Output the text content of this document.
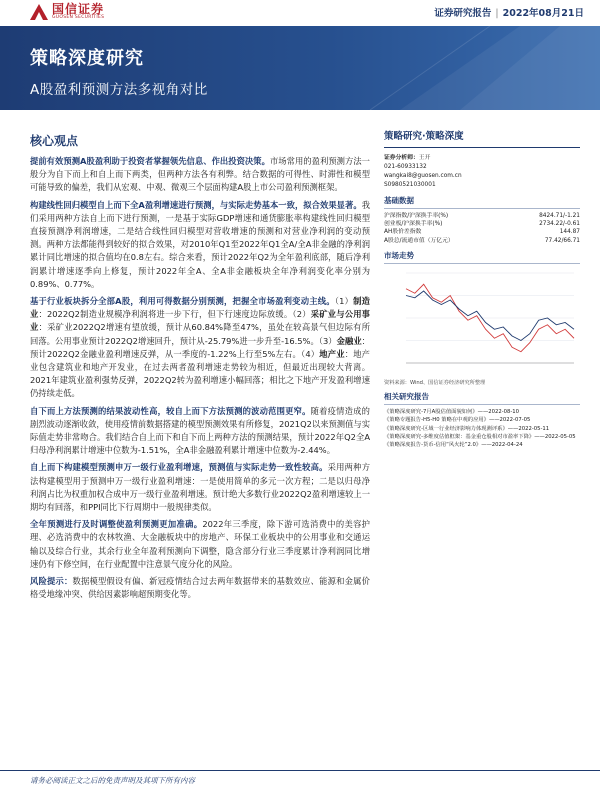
国信证券
GUOSEN SECURITIES	证券研究报告 | 2022年08月21日
策略深度研究
A股盈利预测方法多视角对比
核心观点

提前有效预测A股盈利助于投资者掌握领先信息、作出投资决策。市场常用的盈利预测方法一般分为自下而上和自上而下两类，但两种方法各有利弊。结合数据的可得性、时滞性和模型可能导致的偏差，我们从宏观、中观、微观三个层面构建A股上市公司盈利预测框架。

构建线性回归模型自上而下全A盈利增速进行预测，与实际走势基本一致，拟合效果显著。我们采用两种方法自上而下进行预测，一是基于实际GDP增速和通货膨胀率构建线性回归模型直接预测净利润增速，二是结合线性回归模型对营收增速的预测和对营业净利润的变动预测。两种方法都能得到较好的拟合效果，对2010年Q1至2022年Q1全A/全A非金融的净利润累计同比增速的拟合值均在0.8左右。综合来看，预计2022年Q2为全年盈利底部，随后净利润累计增速逐季向上修复，预计2022年全A、全A非金融板块全年净利润变化率分别为0.89%、0.77%。

基于行业板块拆分全部A股，利用可得数据分别预测，把握全市场盈利变动主线。（1）制造业：2022Q2制造业规模净利润将进一步下行，但下行速度边际放缓。（2）采矿业与公用事业：采矿业2022Q2增速有望放缓，预计从60.84%降至47%，虽处在较高景气但边际有所回落。公用事业预计2022Q2增速回升，预计从-25.79%进一步升至-16.5%。（3）金融业：预计2022Q2金融业盈利增速反弹，从一季度的-1.22%上行至5%左右。（4）地产业：地产业包含建筑业和地产开发业，在过去两者盈利增速走势较为相近，但最近出现较大背离。2021年建筑业盈利强势反弹，2022Q2转为盈利增速小幅回落；相比之下地产开发盈利增速仍持续走低。

自下而上方法预测的结果波动性高，较自上而下方法预测的波动范围更窄。随着疫情造成的剧烈波动逐渐收敛，使用疫情前数据搭建的模型预测效果有所修复，2021Q2以来预测值与实际值走势非常吻合。我们结合自上而下和自下而上两种方法的预测结果，预计2022年Q2全A归母净利润累计增速中位数为-1.51%，全A非金融盈利累计增速中位数为-2.44%。

自上而下构建模型预测申万一级行业盈利增速，预测值与实际走势一致性较高。采用两种方法构建模型用于预测申万一级行业盈利增速：一是使用简单的多元一次方程；二是以归母净利润占比为权重加权合成申万一级行业盈利增速。预计绝大多数行业2022Q2盈利增速较上一期均有回落，和PPI同比下行周期中一般规律类似。

全年预测进行及时调整使盈利预测更加准确。2022年三季度，除下游可选消费中的美容护理、必选消费中的农林牧渔、大金融板块中的房地产、环保工业板块中的公用事业和交通运输以及综合行业，其余行业全年盈利预测向下调整，隐含部分行业三季度累计净利润同比增速仍有下修空间，在行业配置中注意景气度分化的风险。

风险提示：数据模型假设有偏、新冠疫情结合过去两年数据带来的基数效应、能源和金属价格受地缘冲突、供给因素影响超预期变化等。

策略研究·策略深度
证券分析师：王开
021-60933132
wangkai8@guosen.com.cn
S0980521030001
基础数据
沪深指数/沪深换手率(%)	8424.71/-1.21
创业板/沪深换手率(%)	2734.22/-0.61
AH股价差指数	144.87
A股总/流通市值（万亿元）	77.42/66.71
市场走势
资料来源：Wind、国信证券经济研究所整理
相关研究报告
《策略深度研究-7月A股估值面貌如何》——2022-08-10
《策略专题报告-H5-H0 策略在中观的应用》——2022-07-05
《策略深度研究-区域一行业经济影响力体现测评系》——2022-05-11
《策略深度研究-多维度估值框架：基金重仓股相对市盈率下降》——2022-05-05
《策略深度报告-货币-信用“风火轮”2.0》——2022-04-24
请务必阅读正文之后的免责声明及其项下所有内容
